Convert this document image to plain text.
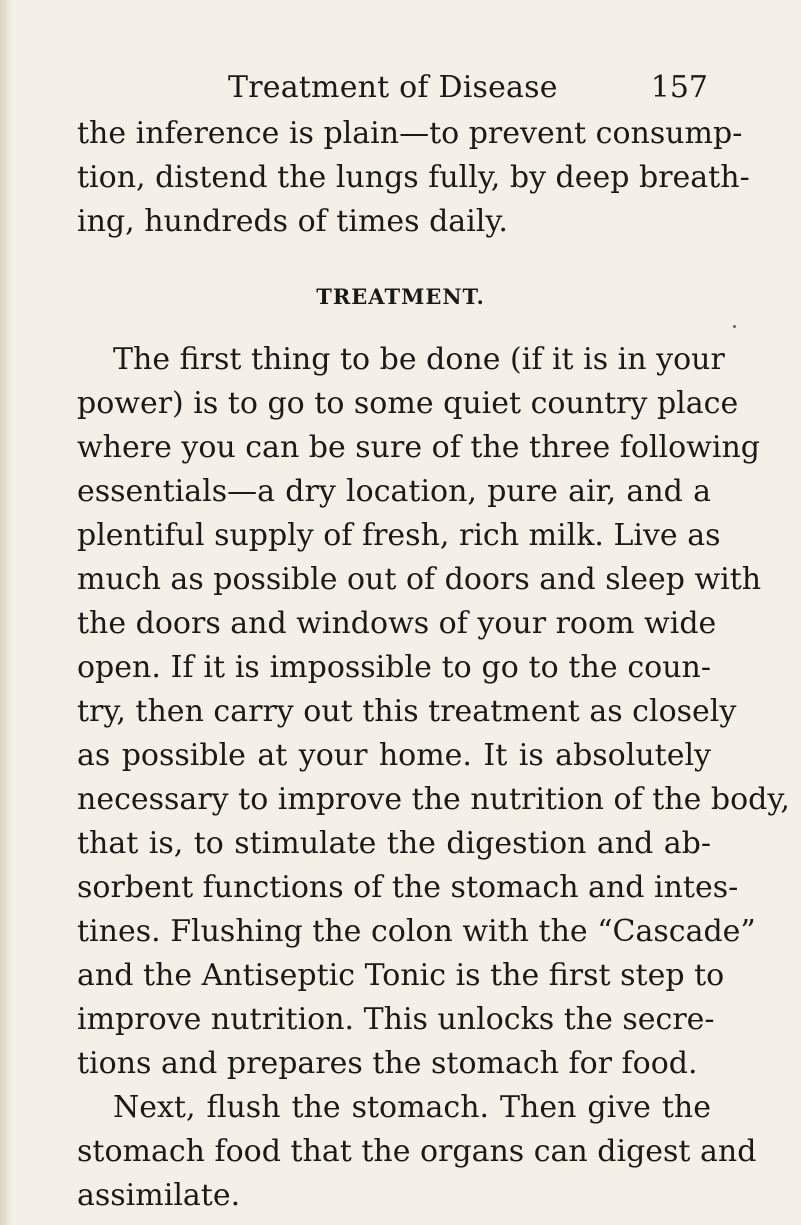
Treatment of Disease	157
the inference is plain—to prevent consump-
tion, distend the lungs fully, by deep breath-
ing, hundreds of times daily.
TREATMENT.
The first thing to be done (if it is in your
power) is to go to some quiet country place
where you can be sure of the three following
essentials—a dry location, pure air, and a
plentiful supply of fresh, rich milk. Live as
much as possible out of doors and sleep with
the doors and windows of your room wide
open. If it is impossible to go to the coun-
try, then carry out this treatment as closely
as possible at your home. It is absolutely
necessary to improve the nutrition of the body,
that is, to stimulate the digestion and ab-
sorbent functions of the stomach and intes-
tines. Flushing the colon with the “Cascade”
and the Antiseptic Tonic is the first step to
improve nutrition. This unlocks the secre-
tions and prepares the stomach for food.
Next, flush the stomach. Then give the
stomach food that the organs can digest and
assimilate.
